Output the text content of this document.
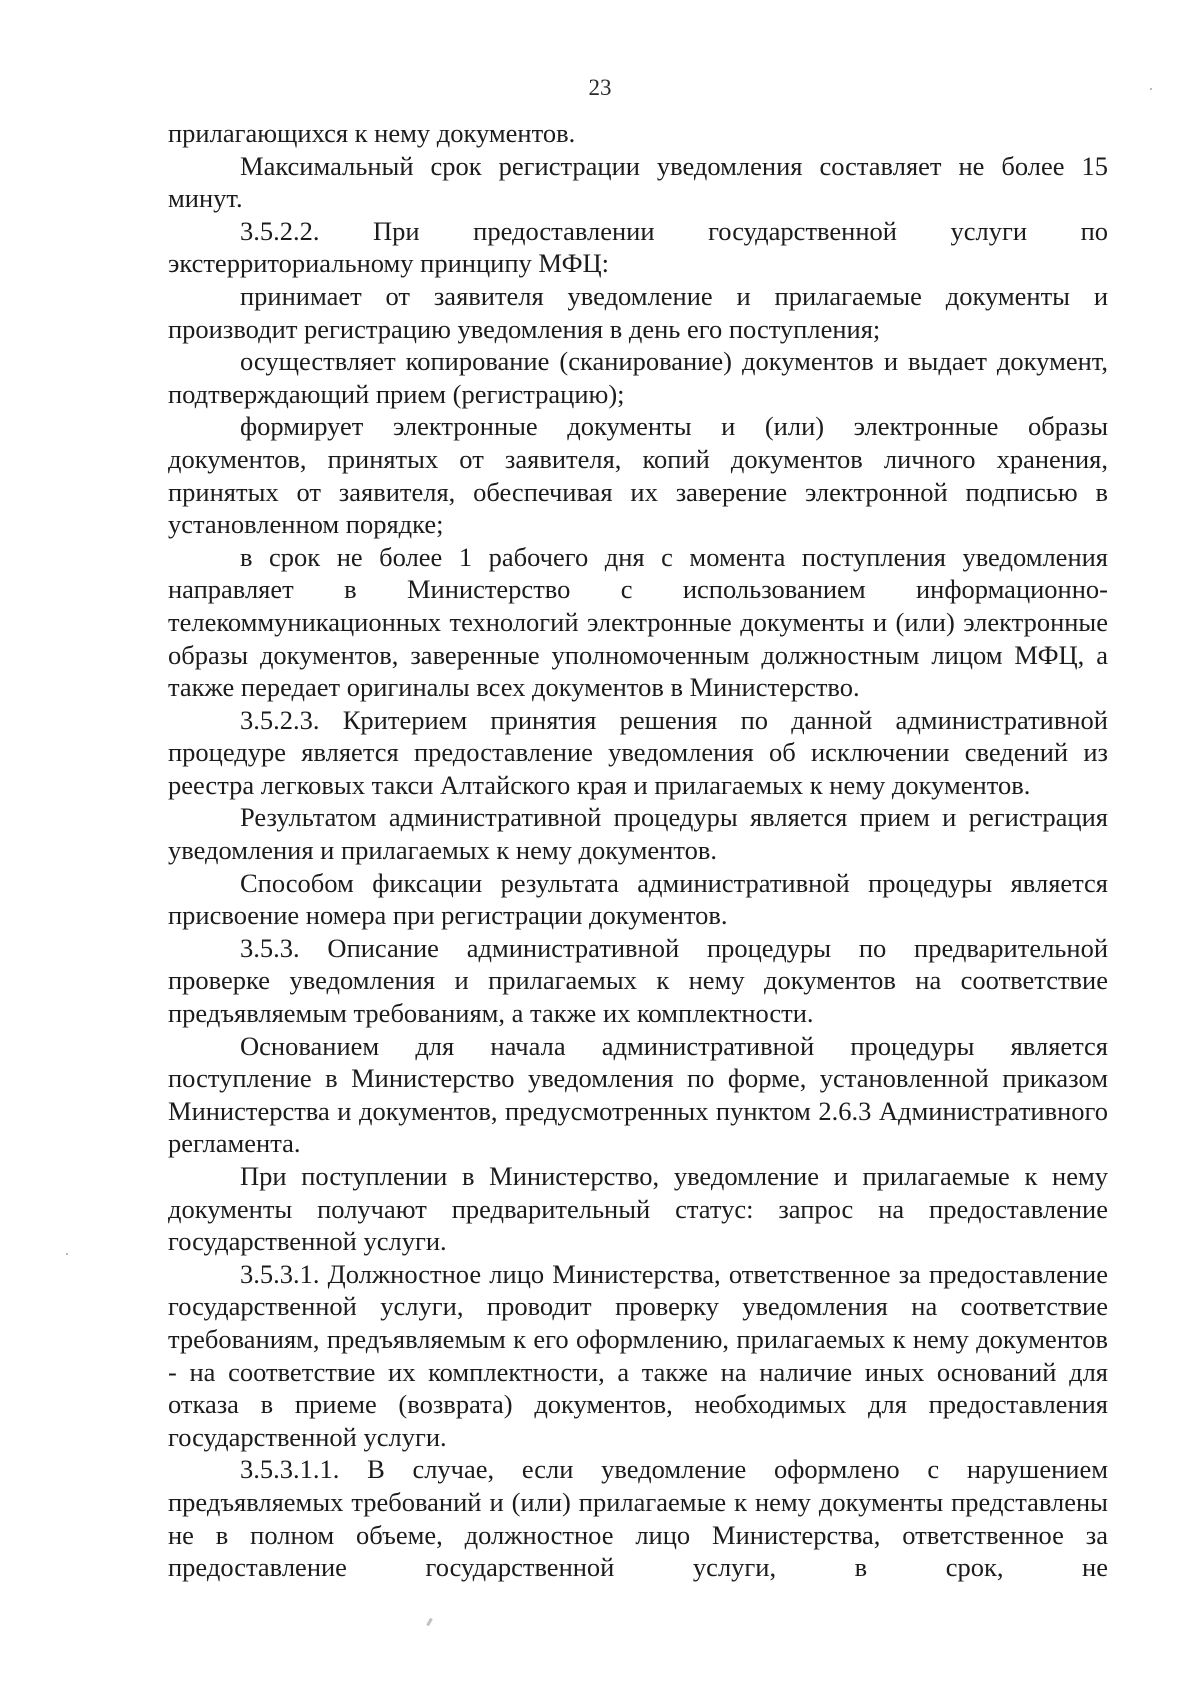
23

прилагающихся к нему документов.

Максимальный срок регистрации уведомления составляет не более 15 минут.

3.5.2.2. При предоставлении государственной услуги по экстерриториальному принципу МФЦ:

принимает от заявителя уведомление и прилагаемые документы и производит регистрацию уведомления в день его поступления;

осуществляет копирование (сканирование) документов и выдает документ, подтверждающий прием (регистрацию);

формирует электронные документы и (или) электронные образы документов, принятых от заявителя, копий документов личного хранения, принятых от заявителя, обеспечивая их заверение электронной подписью в установленном порядке;

в срок не более 1 рабочего дня с момента поступления уведомления направляет в Министерство с использованием информационно-телекоммуникационных технологий электронные документы и (или) электронные образы документов, заверенные уполномоченным должностным лицом МФЦ, а также передает оригиналы всех документов в Министерство.

3.5.2.3. Критерием принятия решения по данной административной процедуре является предоставление уведомления об исключении сведений из реестра легковых такси Алтайского края и прилагаемых к нему документов.

Результатом административной процедуры является прием и регистрация уведомления и прилагаемых к нему документов.

Способом фиксации результата административной процедуры является присвоение номера при регистрации документов.

3.5.3. Описание административной процедуры по предварительной проверке уведомления и прилагаемых к нему документов на соответствие предъявляемым требованиям, а также их комплектности.

Основанием для начала административной процедуры является поступление в Министерство уведомления по форме, установленной приказом Министерства и документов, предусмотренных пунктом 2.6.3 Административного регламента.

При поступлении в Министерство, уведомление и прилагаемые к нему документы получают предварительный статус: запрос на предоставление государственной услуги.

3.5.3.1. Должностное лицо Министерства, ответственное за предоставление государственной услуги, проводит проверку уведомления на соответствие требованиям, предъявляемым к его оформлению, прилагаемых к нему документов - на соответствие их комплектности, а также на наличие иных оснований для отказа в приеме (возврата) документов, необходимых для предоставления государственной услуги.

3.5.3.1.1. В случае, если уведомление оформлено с нарушением предъявляемых требований и (или) прилагаемые к нему документы представлены не в полном объеме, должностное лицо Министерства, ответственное за предоставление государственной услуги, в срок, не
